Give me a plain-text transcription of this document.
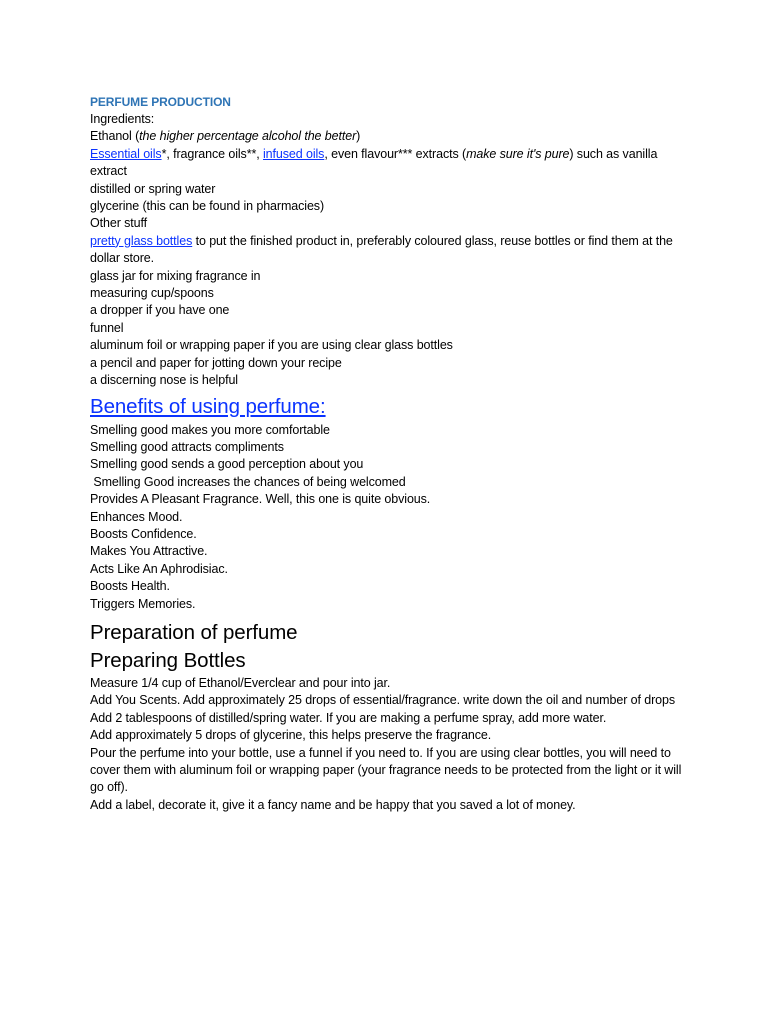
PERFUME PRODUCTION
Ingredients:
Ethanol (the higher percentage alcohol the better)
Essential oils*, fragrance oils**, infused oils, even flavour*** extracts (make sure it's pure) such as vanilla extract
distilled or spring water
glycerine (this can be found in pharmacies)
Other stuff
pretty glass bottles to put the finished product in, preferably coloured glass, reuse bottles or find them at the dollar store.
glass jar for mixing fragrance in
measuring cup/spoons
a dropper if you have one
funnel
aluminum foil or wrapping paper if you are using clear glass bottles
a pencil and paper for jotting down your recipe
a discerning nose is helpful
Benefits of using perfume:
Smelling good makes you more comfortable
Smelling good attracts compliments
Smelling good sends a good perception about you
Smelling Good increases the chances of being welcomed
Provides A Pleasant Fragrance. Well, this one is quite obvious.
Enhances Mood.
Boosts Confidence.
Makes You Attractive.
Acts Like An Aphrodisiac.
Boosts Health.
Triggers Memories.
Preparation of perfume
Preparing Bottles
Measure 1/4 cup of Ethanol/Everclear and pour into jar.
Add You Scents. Add approximately 25 drops of essential/fragrance. write down the oil and number of drops
Add 2 tablespoons of distilled/spring water. If you are making a perfume spray, add more water.
Add approximately 5 drops of glycerine, this helps preserve the fragrance.
Pour the perfume into your bottle, use a funnel if you need to. If you are using clear bottles, you will need to cover them with aluminum foil or wrapping paper (your fragrance needs to be protected from the light or it will go off).
Add a label, decorate it, give it a fancy name and be happy that you saved a lot of money.
